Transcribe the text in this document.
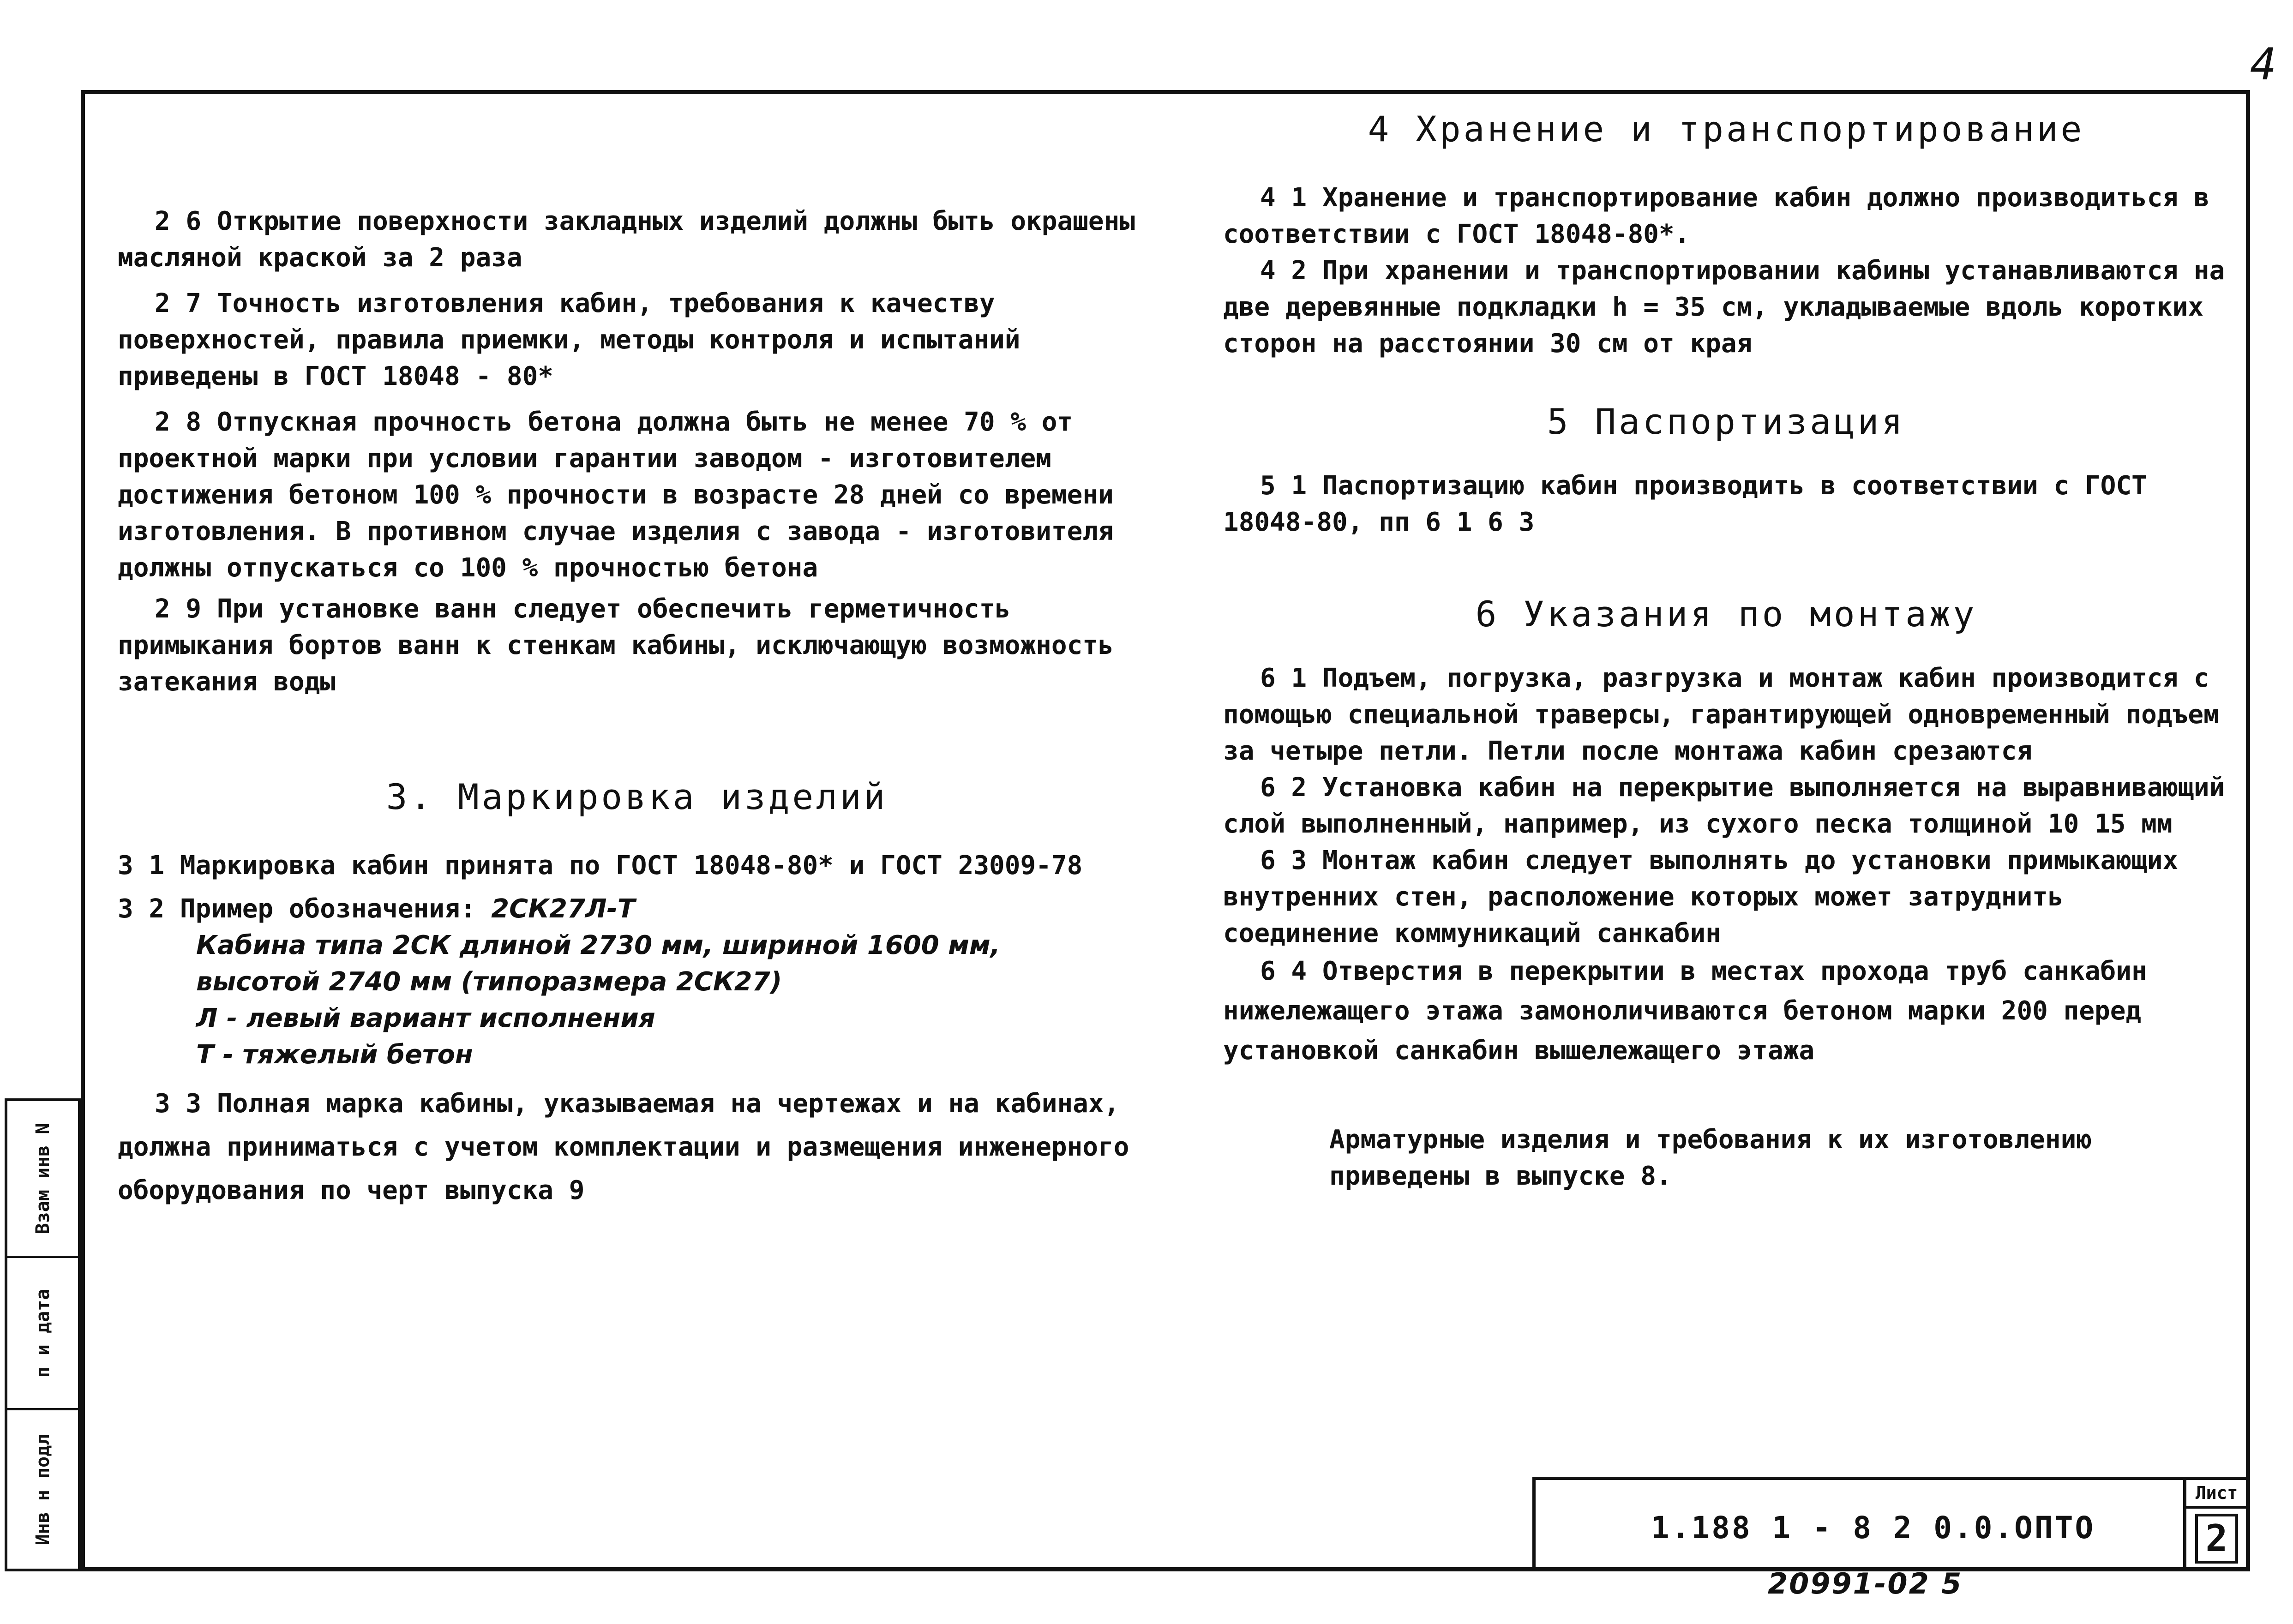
4
Взам инв N
п и дата
Инв н подл

2 6 Открытие поверхности закладных изделий должны быть окрашены масляной краской за 2 раза

2 7 Точность изготовления кабин, требования к качеству поверхностей, правила приемки, методы контроля и испытаний приведены в ГОСТ 18048 - 80*

2 8 Отпускная прочность бетона должна быть не менее 70 % от проектной марки при условии гарантии заводом - изготовителем достижения бетоном 100 % прочности в возрасте 28 дней со времени изготовления. В противном случае изделия с завода - изготовителя должны отпускаться со 100 % прочностью бетона

2 9 При установке ванн следует обеспечить герметичность примыкания бортов ванн к стенкам кабины, исключающую возможность затекания воды

3. Маркировка изделий

3 1 Маркировка кабин принята по ГОСТ 18048-80* и ГОСТ 23009-78

3 2 Пример обозначения: 2СК27Л-Т

Кабина типа 2СК длиной 2730 мм, шириной 1600 мм,

высотой 2740 мм (типоразмера 2СК27)

Л - левый вариант исполнения

Т - тяжелый бетон

3 3 Полная марка кабины, указываемая на чертежах и на кабинах, должна приниматься с учетом комплектации и размещения инженерного оборудования по черт выпуска 9

4 Хранение и транспортирование

4 1 Хранение и транспортирование кабин должно производиться в соответствии с ГОСТ 18048-80*.

4 2 При хранении и транспортировании кабины устанавливаются на две деревянные подкладки h = 35 см, укладываемые вдоль коротких сторон на расстоянии 30 см от края

5 Паспортизация

5 1 Паспортизацию кабин производить в соответствии с ГОСТ 18048-80, пп 6 1 6 3

6 Указания по монтажу

6 1 Подъем, погрузка, разгрузка и монтаж кабин производится с помощью специальной траверсы, гарантирующей одновременный подъем за четыре петли. Петли после монтажа кабин срезаются

6 2 Установка кабин на перекрытие выполняется на выравнивающий слой выполненный, например, из сухого песка толщиной 10 15 мм

6 3 Монтаж кабин следует выполнять до установки примыкающих внутренних стен, расположение которых может затруднить соединение коммуникаций санкабин

6 4 Отверстия в перекрытии в местах прохода труб санкабин нижележащего этажа замоноличиваются бетоном марки 200 перед установкой санкабин вышележащего этажа

Арматурные изделия и требования к их изготовлению приведены в выпуске 8.

1.188 1 - 8 2 0.0.ОПТО
Лист
2
20991-02 5
